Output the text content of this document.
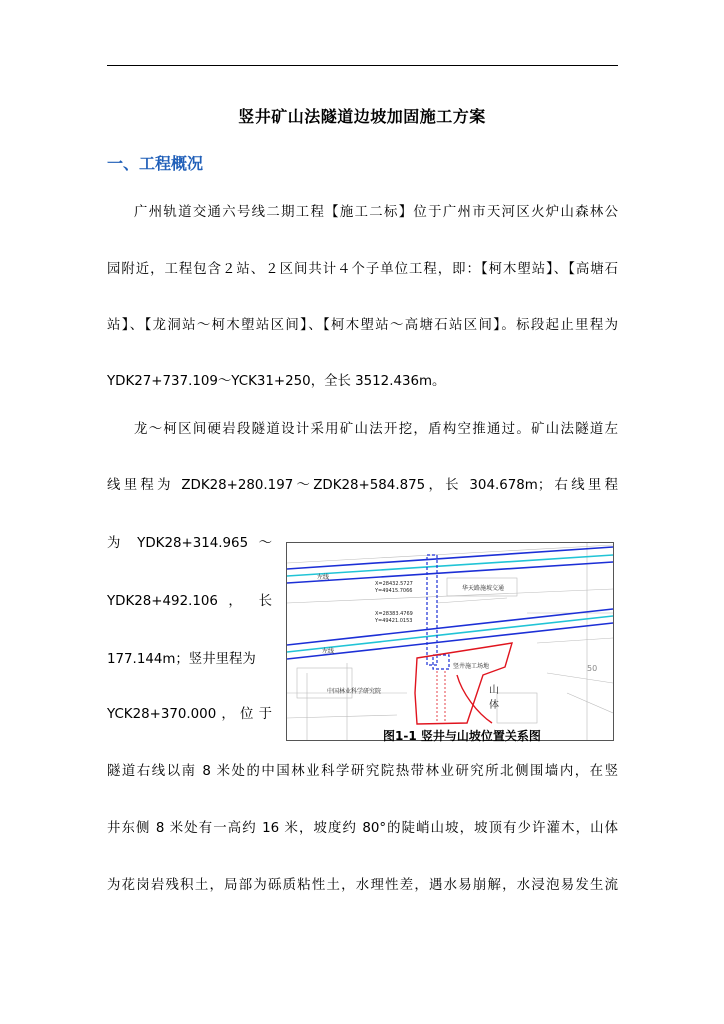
竖井矿山法隧道边坡加固施工方案
一、工程概况
广州轨道交通六号线二期工程【施工二标】位于广州市天河区火炉山森林公
园附近，工程包含２站、２区间共计４个子单位工程，即：【柯木塱站】、【高塘石
站】、【龙洞站～柯木塱站区间】、【柯木塱站～高塘石站区间】。标段起止里程为
YDK27+737.109～YCK31+250，全长 3512.436m。
龙～柯区间硬岩段隧道设计采用矿山法开挖，盾构空推通过。矿山法隧道左
线里程为 ZDK28+280.197～ZDK28+584.875，长 304.678m；右线里程
为 YDK28+314.965 ～
YDK28+492.106 ， 长
177.144m；竖井里程为
YCK28+370.000，位于
隧道右线以南 8 米处的中国林业科学研究院热带林业研究所北侧围墙内，在竖
井东侧 8 米处有一高约 16 米，坡度约 80°的陡峭山坡，坡顶有少许灌木，山体
为花岗岩残积土，局部为砾质粘性土，水理性差，遇水易崩解，水浸泡易发生流
左线
左线
X=28432.5727
Y=49415.7066
X=28383.4769
Y=49421.0153
华天路施坡交通
竖井施工场地
中国林业科学研究院
50
山
体
图1-1 竖井与山坡位置关系图
